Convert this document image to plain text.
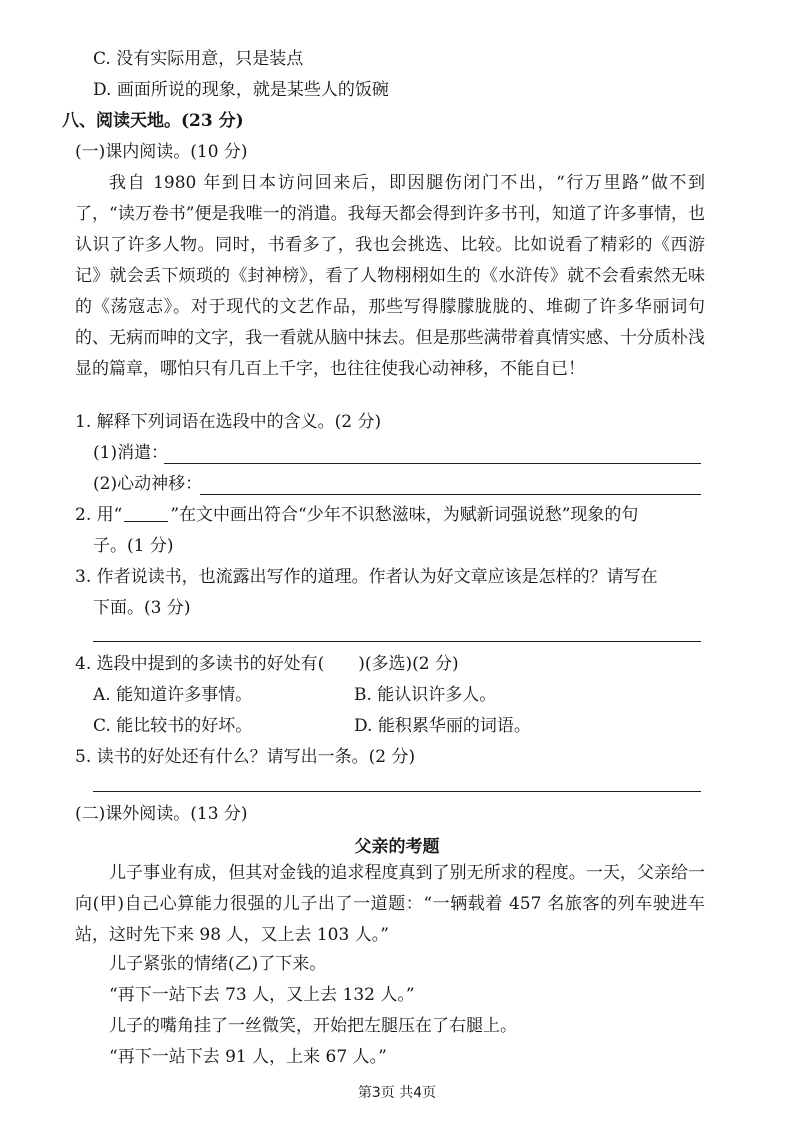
C. 没有实际用意，只是装点
D. 画面所说的现象，就是某些人的饭碗
八、阅读天地。(23 分)
(一)课内阅读。(10 分)
我自 1980 年到日本访问回来后，即因腿伤闭门不出，“行万里路”做不到了，“读万卷书”便是我唯一的消遣。我每天都会得到许多书刊，知道了许多事情，也认识了许多人物。同时，书看多了，我也会挑选、比较。比如说看了精彩的《西游记》就会丢下烦琐的《封神榜》，看了人物栩栩如生的《水浒传》就不会看索然无味的《荡寇志》。对于现代的文艺作品，那些写得朦朦胧胧的、堆砌了许多华丽词句的、无病而呻的文字，我一看就从脑中抹去。但是那些满带着真情实感、十分质朴浅显的篇章，哪怕只有几百上千字，也往往使我心动神移，不能自已！
1. 解释下列词语在选段中的含义。(2 分)
(1)消遣：
(2)心动神移：
2. 用“	”在文中画出符合“少年不识愁滋味，为赋新词强说愁”现象的句
子。(1 分)
3. 作者说读书，也流露出写作的道理。作者认为好文章应该是怎样的？请写在
下面。(3 分)
4. 选段中提到的多读书的好处有(　　)(多选)(2 分)
A. 能知道许多事情。	B. 能认识许多人。
C. 能比较书的好坏。	D. 能积累华丽的词语。
5. 读书的好处还有什么？请写出一条。(2 分)
(二)课外阅读。(13 分)
父亲的考题
儿子事业有成，但其对金钱的追求程度真到了别无所求的程度。一天，父亲给一向(甲)自己心算能力很强的儿子出了一道题：“一辆载着 457 名旅客的列车驶进车站，这时先下来 98 人，又上去 103 人。”
儿子紧张的情绪(乙)了下来。
“再下一站下去 73 人，又上去 132 人。”
儿子的嘴角挂了一丝微笑，开始把左腿压在了右腿上。
“再下一站下去 91 人，上来 67 人。”
第3页 共4页
